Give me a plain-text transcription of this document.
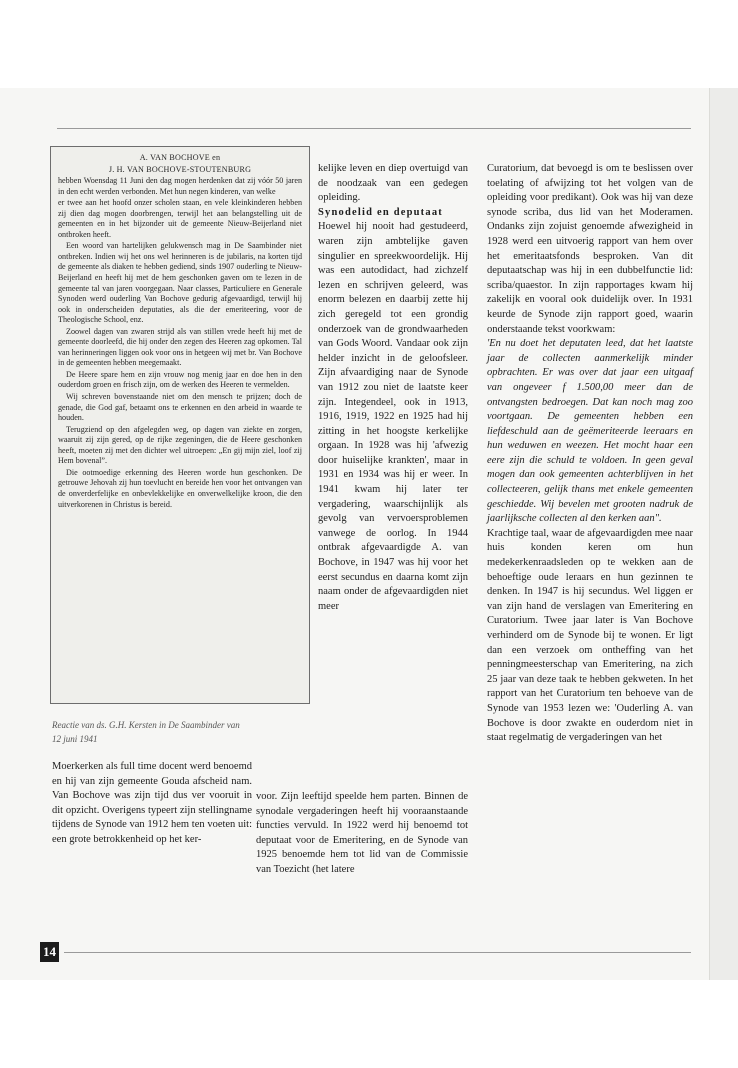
A. VAN BOCHOVE en
J. H. VAN BOCHOVE-STOUTENBURG

hebben Woensdag 11 Juni den dag mogen herdenken dat zij vóór 50 jaren in den echt werden verbonden. Met hun negen kinderen, van welke

er twee aan het hoofd onzer scholen staan, en vele kleinkinderen hebben zij dien dag mogen doorbrengen, terwijl het aan belangstelling uit de gemeenten en in het bijzonder uit de gemeente Nieuw-Beijerland niet ontbroken heeft.

Een woord van hartelijken gelukwensch mag in De Saambinder niet ontbreken. Indien wij het ons wel herinneren is de jubilaris, na korten tijd de gemeente als diaken te hebben gediend, sinds 1907 ouderling te Nieuw-Beijerland en heeft hij met de hem geschonken gaven om te lezen in de gemeente tal van jaren voorgegaan. Naar classes, Particuliere en Generale Synoden werd ouderling Van Bochove gedurig afgevaardigd, terwijl hij ook in onderscheiden deputaties, als die der emeriteering, voor de Theologische School, enz.

Zoowel dagen van zwaren strijd als van stillen vrede heeft hij met de gemeente doorleefd, die hij onder den zegen des Heeren zag opkomen. Tal van herinneringen liggen ook voor ons in hetgeen wij met br. Van Bochove in de gemeenten hebben meegemaakt.

De Heere spare hem en zijn vrouw nog menig jaar en doe hen in den ouderdom groen en frisch zijn, om de werken des Heeren te vermelden.

Wij schreven bovenstaande niet om den mensch te prijzen; doch de genade, die God gaf, betaamt ons te erkennen en den arbeid in waarde te houden.

Terugziend op den afgelegden weg, op dagen van ziekte en zorgen, waaruit zij zijn gered, op de rijke zegeningen, die de Heere geschonken heeft, moeten zij met den dichter wel uitroepen: „En gij mijn ziel, loof zij Hem bovenal”.

Die ootmoedige erkenning des Heeren worde hun geschonken. De getrouwe Jehovah zij hun toevlucht en bereide hen voor het ontvangen van de onverderfelijke en onbevlekkelijke en onverwelkelijke kroon, die den uitverkorenen in Christus is bereid.

Reactie van ds. G.H. Kersten in De Saambinder van
12 juni 1941

Moerkerken als full time docent werd benoemd en hij van zijn gemeente Gouda afscheid nam. Van Bochove was zijn tijd dus ver vooruit in dit opzicht. Overigens typeert zijn stellingname tijdens de Synode van 1912 hem ten voeten uit: een grote betrokkenheid op het ker-

kelijke leven en diep overtuigd van de noodzaak van een gedegen opleiding.

Synodelid en deputaat

Hoewel hij nooit had gestudeerd, waren zijn ambtelijke gaven singulier en spreekwoordelijk. Hij was een autodidact, had zichzelf lezen en schrijven geleerd, was enorm belezen en daarbij zette hij zich geregeld tot een grondig onderzoek van de grondwaarheden van Gods Woord. Vandaar ook zijn helder inzicht in de geloofsleer. Zijn afvaardiging naar de Synode van 1912 zou niet de laatste keer zijn. Integendeel, ook in 1913, 1916, 1919, 1922 en 1925 had hij zitting in het hoogste kerkelijke orgaan. In 1928 was hij 'afwezig door huiselijke krankten', maar in 1931 en 1934 was hij er weer. In 1941 kwam hij later ter vergadering, waarschijnlijk als gevolg van vervoersproblemen vanwege de oorlog. In 1944 ontbrak afgevaardigde A. van Bochove, in 1947 was hij voor het eerst secundus en daarna komt zijn naam onder de afgevaardigden niet meer

voor. Zijn leeftijd speelde hem parten. Binnen de synodale vergaderingen heeft hij vooraanstaande functies vervuld. In 1922 werd hij benoemd tot deputaat voor de Emeritering, en de Synode van 1925 benoemde hem tot lid van de Commissie van Toezicht (het latere

Curatorium, dat bevoegd is om te beslissen over toelating of afwijzing tot het volgen van de opleiding voor predikant). Ook was hij van deze synode scriba, dus lid van het Moderamen. Ondanks zijn zojuist genoemde afwezigheid in 1928 werd een uitvoerig rapport van hem over het emeritaatsfonds besproken. Van dit deputaatschap was hij in een dubbelfunctie lid: scriba/quaestor. In zijn rapportages kwam hij zakelijk en vooral ook duidelijk over. In 1931 keurde de Synode zijn rapport goed, waarin onderstaande tekst voorkwam:

'En nu doet het deputaten leed, dat het laatste jaar de collecten aanmerkelijk minder opbrachten. Er was over dat jaar een uitgaaf van ongeveer f 1.500,00 meer dan de ontvangsten bedroegen. Dat kan noch mag zoo voortgaan. De gemeenten hebben een liefdeschuld aan de geëmeriteerde leeraars en hun weduwen en weezen. Het mocht haar een eere zijn die schuld te voldoen. In geen geval mogen dan ook gemeenten achterblijven in het collecteeren, gelijk thans met enkele gemeenten geschiedde. Wij bevelen met grooten nadruk de jaarlijksche collecten al den kerken aan".

Krachtige taal, waar de afgevaardigden mee naar huis konden keren om hun medekerkenraadsleden op te wekken aan de behoeftige oude leraars en hun gezinnen te denken. In 1947 is hij secundus. Wel liggen er van zijn hand de verslagen van Emeritering en Curatorium. Twee jaar later is Van Bochove verhinderd om de Synode bij te wonen. Er ligt dan een verzoek om ontheffing van het penningmeesterschap van Emeritering, na zich 25 jaar van deze taak te hebben gekweten. In het rapport van het Curatorium ten behoeve van de Synode van 1953 lezen we: 'Ouderling A. van Bochove is door zwakte en ouderdom niet in staat regelmatig de vergaderingen van het

14
